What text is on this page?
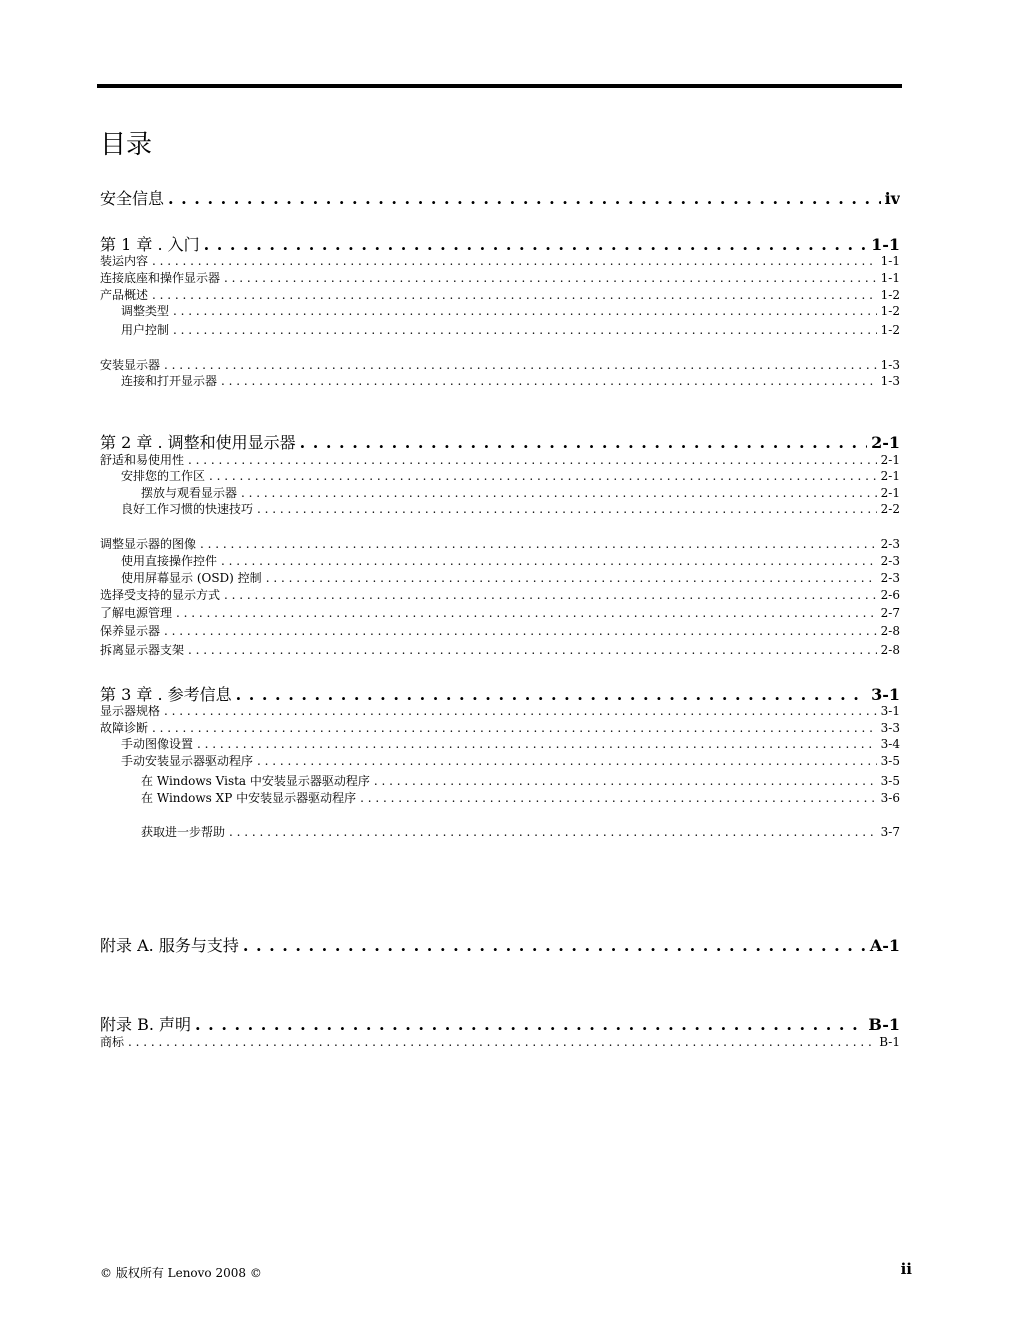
目录
安全信息 . . .	iv
第 1 章 . 入门 . . .	1-1
装运内容 . . .	1-1
连接底座和操作显示器 . . .	1-1
产品概述 . . .	1-2
调整类型 . . .	1-2
用户控制 . . .	1-2
安装显示器 . . .	1-3
连接和打开显示器 . . .	1-3
第 2 章 . 调整和使用显示器 . . .	2-1
舒适和易使用性 . . .	2-1
安排您的工作区 . . .	2-1
摆放与观看显示器 . . .	2-1
良好工作习惯的快速技巧 . . .	2-2
调整显示器的图像 . . .	2-3
使用直接操作控件 . . .	2-3
使用屏幕显示 (OSD) 控制 . . .	2-3
选择受支持的显示方式 . . .	2-6
了解电源管理 . . .	2-7
保养显示器 . . .	2-8
拆离显示器支架 . . .	2-8
第 3 章 . 参考信息 . . .	3-1
显示器规格 . . .	3-1
故障诊断 . . .	3-3
手动图像设置 . . .	3-4
手动安装显示器驱动程序 . . .	3-5
在 Windows Vista 中安装显示器驱动程序 . . .	3-5
在 Windows XP 中安装显示器驱动程序 . . .	3-6
获取进一步帮助 . . .	3-7
附录 A. 服务与支持 . . .	A-1
附录 B. 声明 . . .	B-1
商标 . . .	B-1
© 版权所有 Lenovo 2008 ©	ii
